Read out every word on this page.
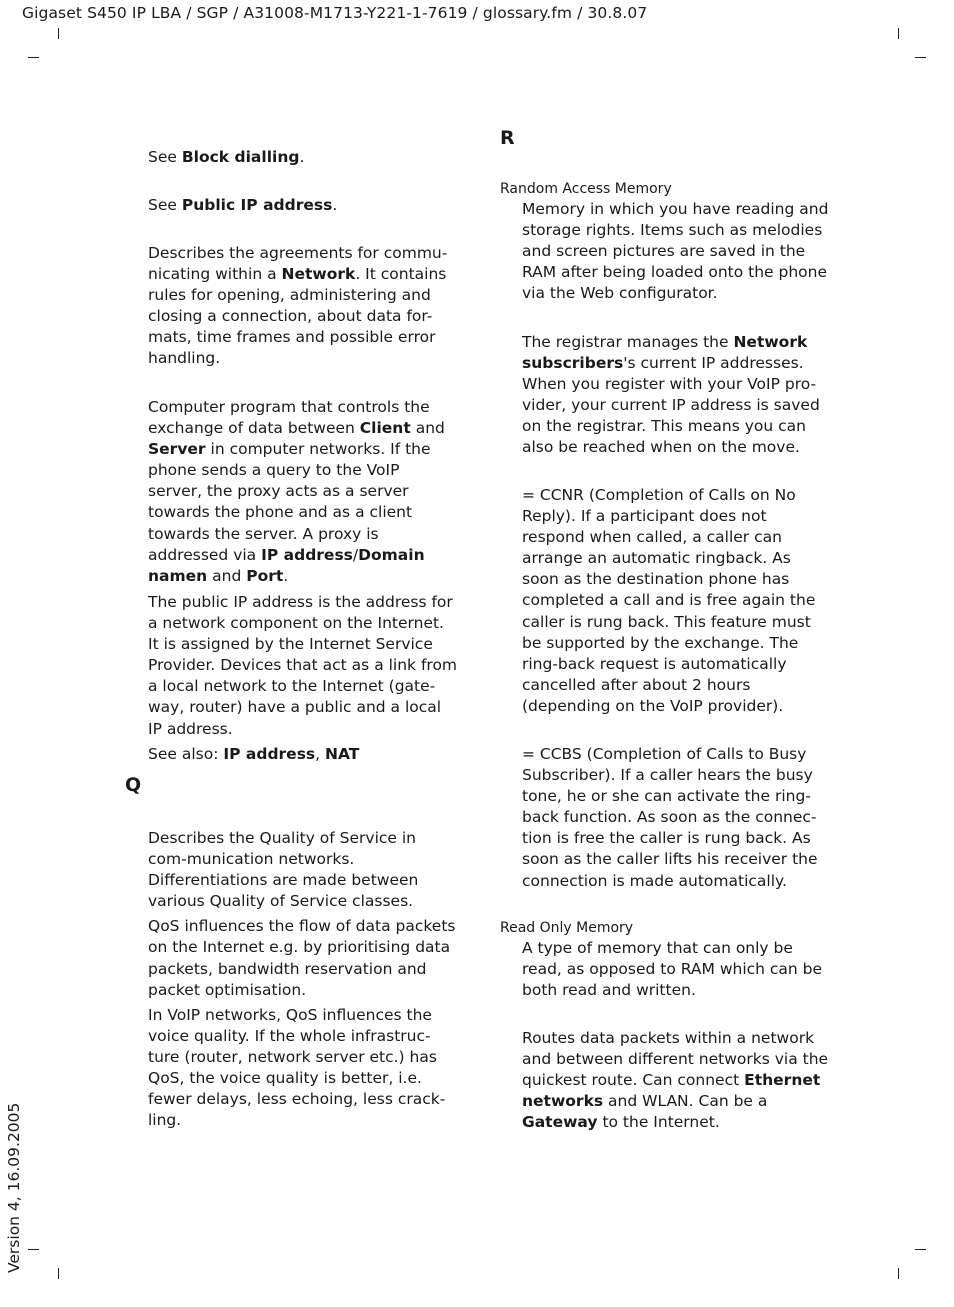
Gigaset S450 IP LBA / SGP / A31008-M1713-Y221-1-7619 / glossary.fm / 30.8.07
Version 4, 16.09.2005

See Block dialling.

See Public IP address.

Describes the agreements for commu-nicating within a Network. It contains rules for opening, administering and closing a connection, about data for-mats, time frames and possible error handling.

Computer program that controls the exchange of data between Client and Server in computer networks. If the phone sends a query to the VoIP server, the proxy acts as a server towards the phone and as a client towards the server. A proxy is addressed via IP address/Domain namen and Port.

The public IP address is the address for a network component on the Internet. It is assigned by the Internet Service Provider. Devices that act as a link from a local network to the Internet (gate-way, router) have a public and a local IP address.

See also: IP address, NAT

Q

Describes the Quality of Service in com-munication networks. Differentiations are made between various Quality of Service classes.

QoS influences the flow of data packets on the Internet e.g. by prioritising data packets, bandwidth reservation and packet optimisation.

In VoIP networks, QoS influences the voice quality. If the whole infrastruc-ture (router, network server etc.) has QoS, the voice quality is better, i.e. fewer delays, less echoing, less crack-ling.

R
Random Access Memory

Memory in which you have reading and storage rights. Items such as melodies and screen pictures are saved in the RAM after being loaded onto the phone via the Web configurator.

The registrar manages the Network subscribers's current IP addresses. When you register with your VoIP pro-vider, your current IP address is saved on the registrar. This means you can also be reached when on the move.

= CCNR (Completion of Calls on No Reply). If a participant does not respond when called, a caller can arrange an automatic ringback. As soon as the destination phone has completed a call and is free again the caller is rung back. This feature must be supported by the exchange. The ring-back request is automatically cancelled after about 2 hours (depending on the VoIP provider).

= CCBS (Completion of Calls to Busy Subscriber). If a caller hears the busy tone, he or she can activate the ring-back function. As soon as the connec-tion is free the caller is rung back. As soon as the caller lifts his receiver the connection is made automatically.

Read Only Memory

A type of memory that can only be read, as opposed to RAM which can be both read and written.

Routes data packets within a network and between different networks via the quickest route. Can connect Ethernet networks and WLAN. Can be a Gateway to the Internet.
